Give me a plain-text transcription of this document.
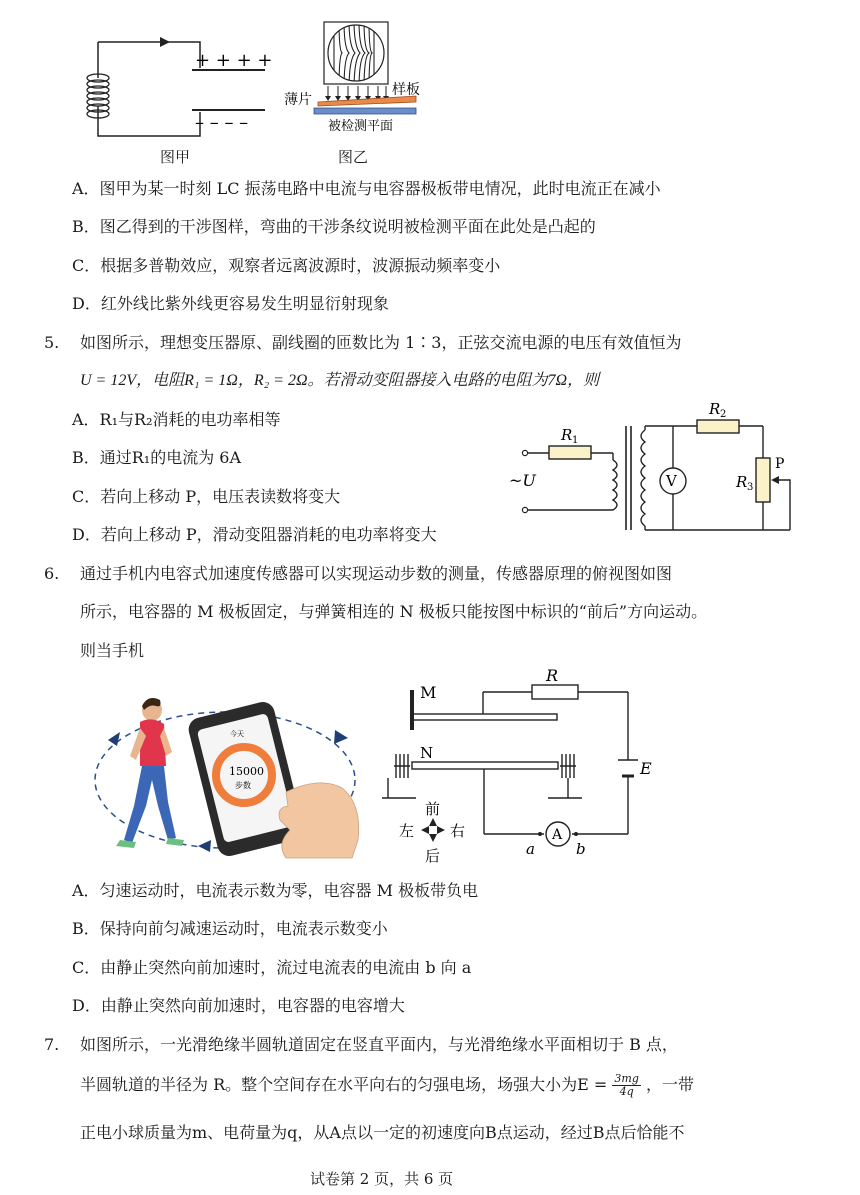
+ + + +
– – – –
图甲
薄片
样板
被检测平面
图乙
A．图甲为某一时刻 LC 振荡电路中电流与电容器极板带电情况，此时电流正在减小
B．图乙得到的干涉图样，弯曲的干涉条纹说明被检测平面在此处是凸起的
C．根据多普勒效应，观察者远离波源时，波源振动频率变小
D．红外线比紫外线更容易发生明显衍射现象
5. 如图所示，理想变压器原、副线圈的匝数比为 1∶3，正弦交流电源的电压有效值恒为
U = 12V，电阻R₁ = 1Ω，R₂ = 2Ω。若滑动变阻器接入电路的电阻为7Ω，则
A．R₁与R₂消耗的电功率相等
B．通过R₁的电流为 6A
C．若向上移动 P，电压表读数将变大
D．若向上移动 P，滑动变阻器消耗的电功率将变大
V
R 1
R 2
R 3
P
~U
6. 通过手机内电容式加速度传感器可以实现运动步数的测量，传感器原理的俯视图如图
所示，电容器的 M 极板固定，与弹簧相连的 N 极板只能按图中标识的“前后”方向运动。
则当手机
15000
步数
今天
M
N
R
E
A
a	b
前
后
左 右
A．匀速运动时，电流表示数为零，电容器 M 极板带负电
B．保持向前匀减速运动时，电流表示数变小
C．由静止突然向前加速时，流过电流表的电流由 b 向 a
D．由静止突然向前加速时，电容器的电容增大
7. 如图所示，一光滑绝缘半圆轨道固定在竖直平面内，与光滑绝缘水平面相切于 B 点，
半圆轨道的半径为 R。整个空间存在水平向右的匀强电场，场强大小为$E = \frac{3mg}{4q}$ ，一带
正电小球质量为m、电荷量为q，从A点以一定的初速度向B点运动，经过B点后恰能不
试卷第 2 页，共 6 页
